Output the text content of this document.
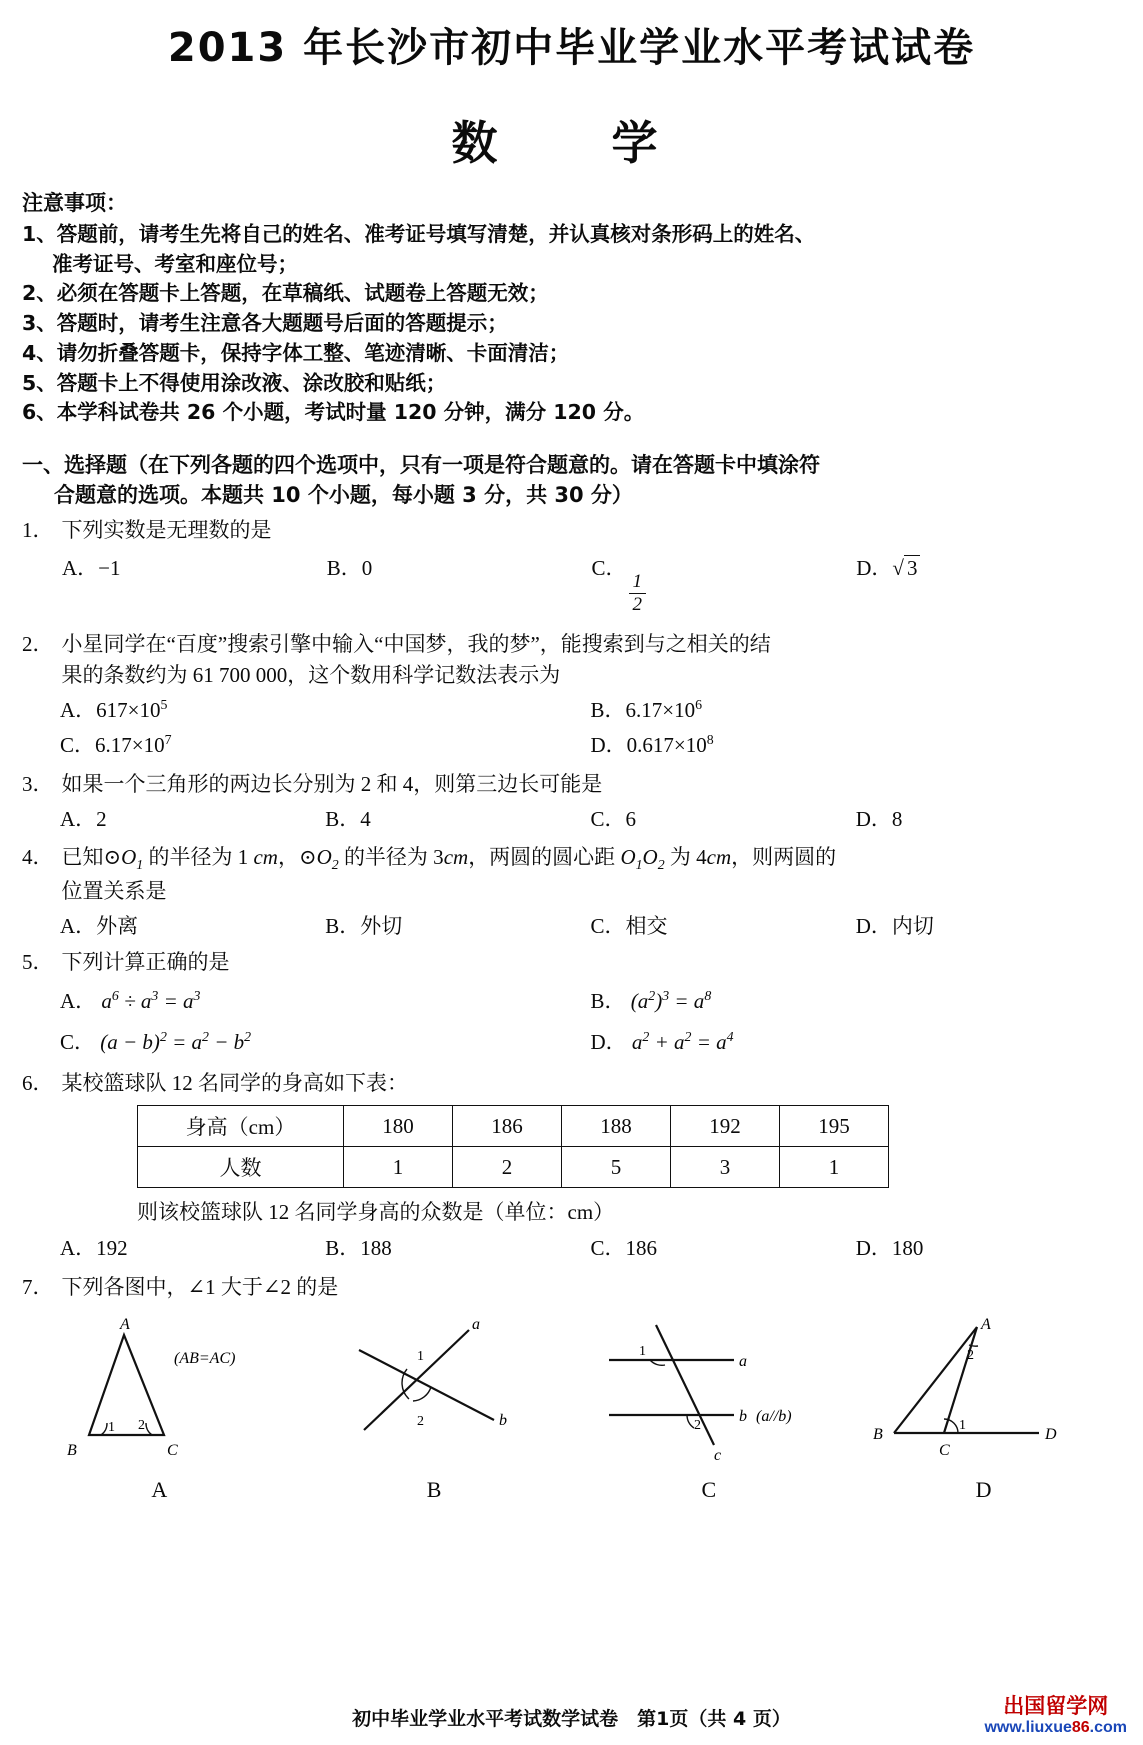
2013 年长沙市初中毕业学业水平考试试卷
数　学
注意事项：
1、答题前，请考生先将自己的姓名、准考证号填写清楚，并认真核对条形码上的姓名、
准考证号、考室和座位号；
2、必须在答题卡上答题，在草稿纸、试题卷上答题无效；
3、答题时，请考生注意各大题题号后面的答题提示；
4、请勿折叠答题卡，保持字体工整、笔迹清晰、卡面清洁；
5、答题卡上不得使用涂改液、涂改胶和贴纸；
6、本学科试卷共 26 个小题，考试时量 120 分钟，满分 120 分。
一、选择题（在下列各题的四个选项中，只有一项是符合题意的。请在答题卡中填涂符
合题意的选项。本题共 10 个小题，每小题 3 分，共 30 分）
1． 下列实数是无理数的是
A．−1	B．0	C．
$\frac{1}{2}$
D．√ 3
2． 小星同学在“百度”搜索引擎中输入“中国梦，我的梦”，能搜索到与之相关的结
果的条数约为 61 700 000，这个数用科学记数法表示为
A．$617\times 10^5$	B．$6.17\times 10^6$
C．$6.17\times 10^7$	D．$0.617\times 10^8$
3． 如果一个三角形的两边长分别为 2 和 4，则第三边长可能是
A．2	B．4	C．6	D．8
4． 已知$⊙O_1$ 的半径为 1 cm，$⊙O_2$ 的半径为 3cm，两圆的圆心距 $O_1O_2$ 为 4cm，则两圆的
位置关系是
A．外离	B．外切	C．相交	D．内切
5． 下列计算正确的是
A． $a^6 \div a^3 = a^3$	B． $(a^2)^3 = a^8$
C． $(a - b)^2 = a^2 - b^2$	D． $a^2 + a^2 = a^4$
6． 某校篮球队 12 名同学的身高如下表：
身高（cm）	180	186	188	192	195
人数	1	2	5	3	1
则该校篮球队 12 名同学身高的众数是（单位：cm）
A．192	B．188	C．186	D．180
7． 下列各图中，∠1 大于∠2 的是
A
B	C
1 2
(AB=AC)
A
1
2
a
b
B
1
2
a
b
c
(a//b)
C
A
B
C
D
2
1
D
初中毕业学业水平考试数学试卷　第1页（共 4 页）
出国留学网
www.liuxue86.com
